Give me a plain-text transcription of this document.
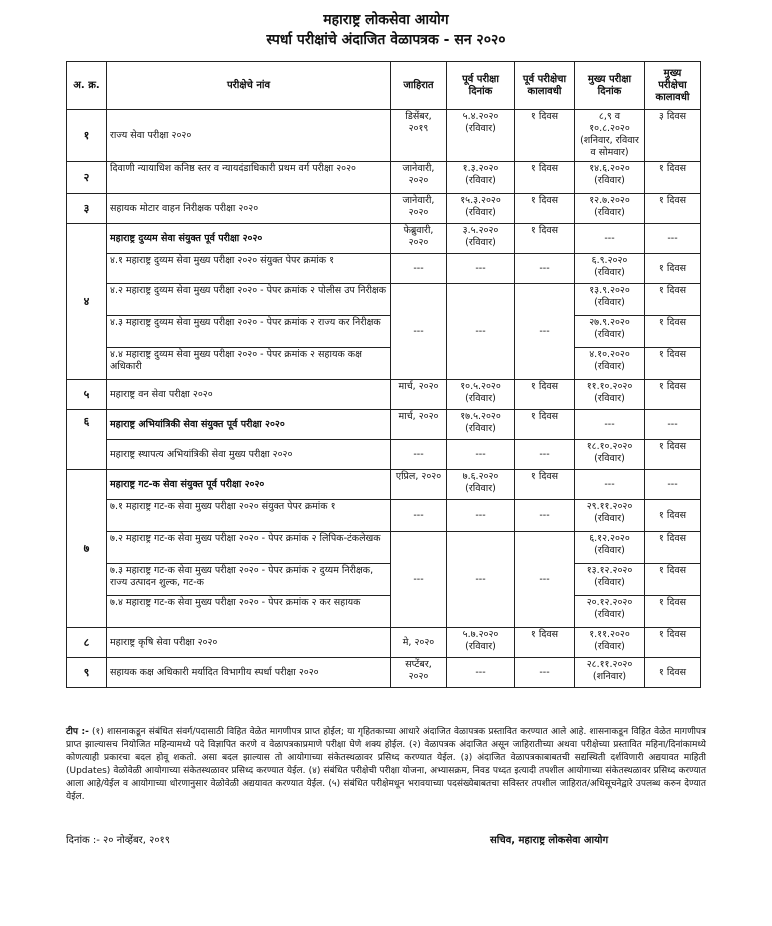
महाराष्ट्र लोकसेवा आयोग
स्पर्धा परीक्षांचे अंदाजित वेळापत्रक - सन २०२०
अ. क्र.	परीक्षेचे नांव	जाहिरात	पूर्व परीक्षा दिनांक	पूर्व परीक्षेचा कालावधी	मुख्य परीक्षा दिनांक	मुख्य परीक्षेचा कालावधी
१	राज्य सेवा परीक्षा २०२०	डिसेंबर, २०१९	५.४.२०२० (रविवार)	१ दिवस	८,९ व १०.८.२०२० (शनिवार, रविवार व सोमवार)	३ दिवस
२	दिवाणी न्यायाधिश कनिष्ठ स्तर व न्यायदंडाधिकारी प्रथम वर्ग परीक्षा २०२०	जानेवारी, २०२०	१.३.२०२० (रविवार)	१ दिवस	१४.६.२०२० (रविवार)	१ दिवस
३	सहायक मोटार वाहन निरीक्षक परीक्षा २०२०	जानेवारी, २०२०	१५.३.२०२० (रविवार)	१ दिवस	१२.७.२०२० (रविवार)	१ दिवस
४	महाराष्ट्र दुय्यम सेवा संयुक्त पूर्व परीक्षा २०२०	फेब्रुवारी, २०२०	३.५.२०२० (रविवार)	१ दिवस	---	---
	४.१ महाराष्ट्र दुय्यम सेवा मुख्य परीक्षा २०२० संयुक्त पेपर क्रमांक १	---	---	---	६.९.२०२० (रविवार)	१ दिवस
	४.२ महाराष्ट्र दुय्यम सेवा मुख्य परीक्षा २०२० - पेपर क्रमांक २ पोलीस उप निरीक्षक	---	---	---	१३.९.२०२० (रविवार)	१ दिवस
	४.३ महाराष्ट्र दुय्यम सेवा मुख्य परीक्षा २०२० - पेपर क्रमांक २ राज्य कर निरीक्षक				२७.९.२०२० (रविवार)	१ दिवस
	४.४ महाराष्ट्र दुय्यम सेवा मुख्य परीक्षा २०२० - पेपर क्रमांक २ सहायक कक्ष अधिकारी				४.१०.२०२० (रविवार)	१ दिवस
५	महाराष्ट्र वन सेवा परीक्षा २०२०	मार्च, २०२०	१०.५.२०२० (रविवार)	१ दिवस	११.१०.२०२० (रविवार)	१ दिवस
६	महाराष्ट्र अभियांत्रिकी सेवा संयुक्त पूर्व परीक्षा २०२०	मार्च, २०२०	१७.५.२०२० (रविवार)	१ दिवस	---	---
	महाराष्ट्र स्थापत्य अभियांत्रिकी सेवा मुख्य परीक्षा २०२०	---	---	---	१८.१०.२०२० (रविवार)	१ दिवस
७	महाराष्ट्र गट-क सेवा संयुक्त पूर्व परीक्षा २०२०	एप्रिल, २०२०	७.६.२०२० (रविवार)	१ दिवस	---	---
	७.१ महाराष्ट्र गट-क सेवा मुख्य परीक्षा २०२० संयुक्त पेपर क्रमांक १	---	---	---	२९.११.२०२० (रविवार)	१ दिवस
	७.२ महाराष्ट्र गट-क सेवा मुख्य परीक्षा २०२० - पेपर क्रमांक २ लिपिक-टंकलेखक	---	---	---	६.१२.२०२० (रविवार)	१ दिवस
	७.३ महाराष्ट्र गट-क सेवा मुख्य परीक्षा २०२० - पेपर क्रमांक २ दुय्यम निरीक्षक, राज्य उत्पादन शुल्क, गट-क				१३.१२.२०२० (रविवार)	१ दिवस
	७.४ महाराष्ट्र गट-क सेवा मुख्य परीक्षा २०२० - पेपर क्रमांक २ कर सहायक				२०.१२.२०२० (रविवार)	१ दिवस
८	महाराष्ट्र कृषि सेवा परीक्षा २०२०	मे, २०२०	५.७.२०२० (रविवार)	१ दिवस	१.११.२०२० (रविवार)	१ दिवस
९	सहायक कक्ष अधिकारी मर्यादित विभागीय स्पर्धा परीक्षा २०२०	सप्टेंबर, २०२०	---	---	२८.११.२०२० (शनिवार)	१ दिवस
टीप :- (१) शासनाकडून संबंधित संवर्ग/पदासाठी विहित वेळेत मागणीपत्र प्राप्त होईल; या गृहितकाच्या आधारे अंदाजित वेळापत्रक प्रस्तावित करण्यात आले आहे. शासनाकडून विहित वेळेत मागणीपत्र प्राप्त झाल्यासच नियोजित महिन्यामध्ये पदे विज्ञापित करणे व वेळापत्रकाप्रमाणे परीक्षा घेणे शक्य होईल. (२) वेळापत्रक अंदाजित असून जाहिरातीच्या अथवा परीक्षेच्या प्रस्तावित महिना/दिनांकामध्ये कोणत्याही प्रकारचा बदल होवू शकतो. असा बदल झाल्यास तो आयोगाच्या संकेतस्थळावर प्रसिध्द करण्यात येईल. (३) अंदाजित वेळापत्रकाबाबतची सद्यस्थिती दर्शविणारी अद्ययावत माहिती (Updates) वेळोवेळी आयोगाच्या संकेतस्थळावर प्रसिध्द करण्यात येईल. (४) संबंधित परीक्षेची परीक्षा योजना, अभ्यासक्रम, निवड पध्दत इत्यादी तपशील आयोगाच्या संकेतस्थळावर प्रसिध्द करण्यात आला आहे/येईल व आयोगाच्या धोरणानुसार वेळोवेळी अद्ययावत करण्यात येईल. (५) संबंधित परीक्षेमधून भरावयाच्या पदसंख्येबाबतचा सविस्तर तपशील जाहिरात/अधिसूचनेद्वारे उपलब्ध करुन देण्यात येईल.
दिनांक :- २० नोव्हेंबर, २०१९	सचिव, महाराष्ट्र लोकसेवा आयोग
